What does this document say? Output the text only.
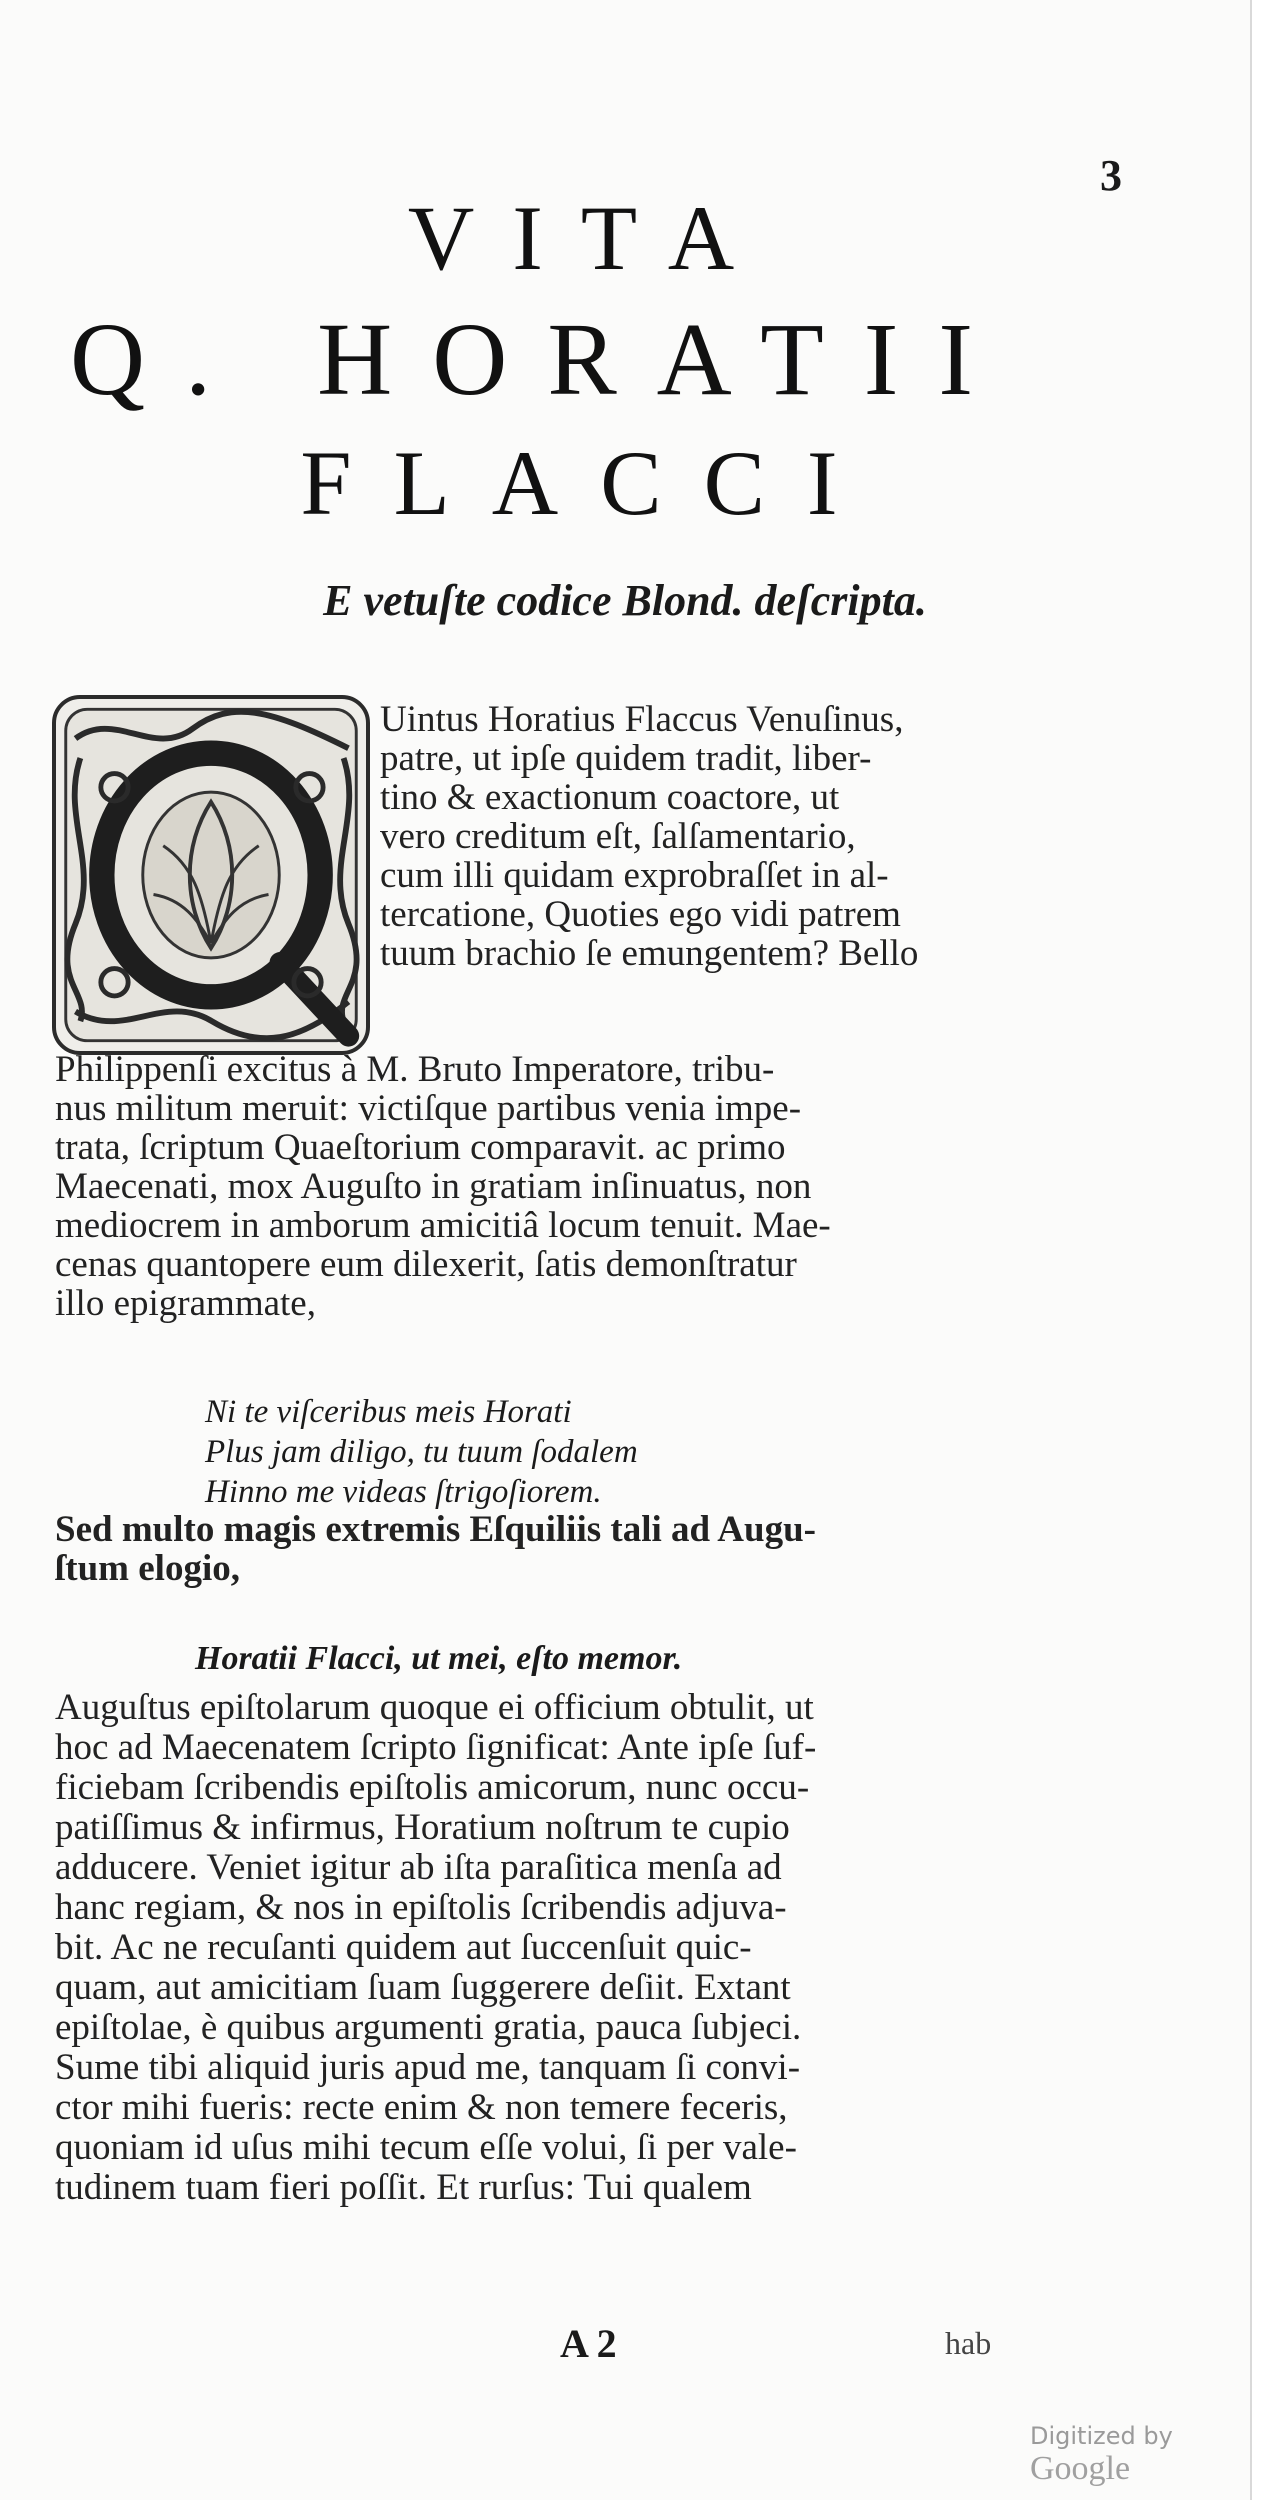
3
VITA
Q. HORATII
FLACCI
E vetuſte codice Blond. deſcripta.
Uintus Horatius Flaccus Venuſinus,
patre, ut ipſe quidem tradit, liber-
tino & exactionum coactore, ut
vero creditum eſt, ſalſamentario,
cum illi quidam exprobraſſet in al-
tercatione, Quoties ego vidi patrem
tuum brachio ſe emungentem? Bello
Philippenſi excitus à M. Bruto Imperatore, tribu-
nus militum meruit: victiſque partibus venia impe-
trata, ſcriptum Quaeſtorium comparavit. ac primo
Maecenati, mox Auguſto in gratiam inſinuatus, non
mediocrem in amborum amicitiâ locum tenuit. Mae-
cenas quantopere eum dilexerit, ſatis demonſtratur
illo epigrammate,
Ni te viſceribus meis Horati
Plus jam diligo, tu tuum ſodalem
Hinno me videas ſtrigoſiorem.
Sed multo magis extremis Eſquiliis tali ad Augu-
ſtum elogio,
Horatii Flacci, ut mei, eſto memor.
Auguſtus epiſtolarum quoque ei officium obtulit, ut
hoc ad Maecenatem ſcripto ſignificat: Ante ipſe ſuf-
ficiebam ſcribendis epiſtolis amicorum, nunc occu-
patiſſimus & infirmus, Horatium noſtrum te cupio
adducere. Veniet igitur ab iſta paraſitica menſa ad
hanc regiam, & nos in epiſtolis ſcribendis adjuva-
bit. Ac ne recuſanti quidem aut ſuccenſuit quic-
quam, aut amicitiam ſuam ſuggerere deſiit. Extant
epiſtolae, è quibus argumenti gratia, pauca ſubjeci.
Sume tibi aliquid juris apud me, tanquam ſi convi-
ctor mihi fueris: recte enim & non temere feceris,
quoniam id uſus mihi tecum eſſe volui, ſi per vale-
tudinem tuam fieri poſſit. Et rurſus: Tui qualem
A 2	hab
Digitized by Google
